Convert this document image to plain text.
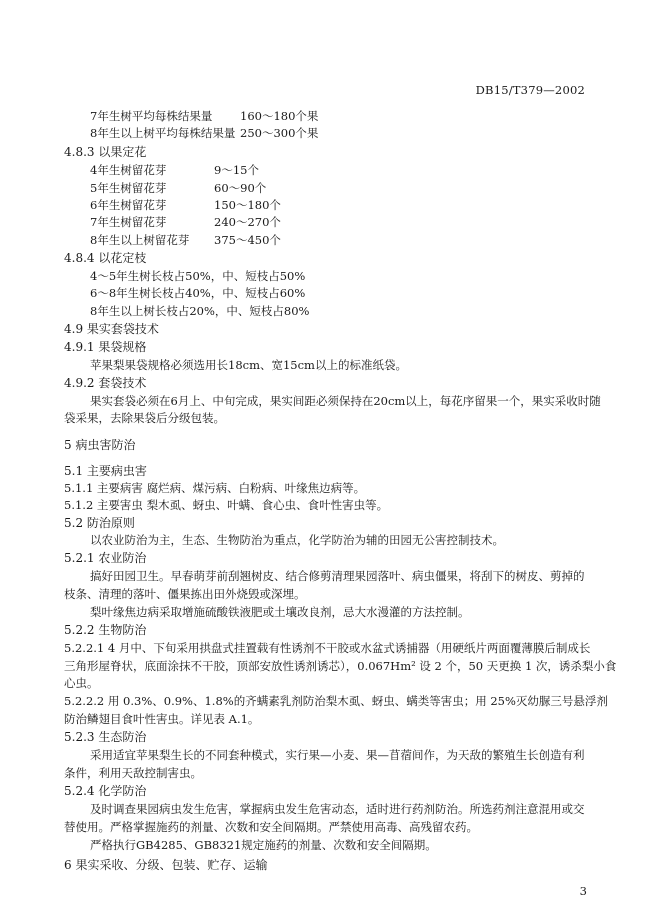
DB15/T379—2002
7年生树平均每株结果量 160～180个果
8年生以上树平均每株结果量 250～300个果
4.8.3 以果定花
4年生树留花芽	9～15个
5年生树留花芽	60～90个
6年生树留花芽	150～180个
7年生树留花芽	240～270个
8年生以上树留花芽 375～450个
4.8.4 以花定枝
4～5年生树长枝占50%，中、短枝占50%
6～8年生树长枝占40%，中、短枝占60%
8年生以上树长枝占20%，中、短枝占80%
4.9 果实套袋技术
4.9.1 果袋规格
苹果梨果袋规格必须选用长18cm、宽15cm以上的标准纸袋。
4.9.2 套袋技术
果实套袋必须在6月上、中旬完成，果实间距必须保持在20cm以上，每花序留果一个，果实采收时随
袋采果，去除果袋后分级包装。
5 病虫害防治
5.1 主要病虫害
5.1.1 主要病害 腐烂病、煤污病、白粉病、叶缘焦边病等。
5.1.2 主要害虫 梨木虱、蚜虫、叶螨、食心虫、食叶性害虫等。
5.2 防治原则
以农业防治为主，生态、生物防治为重点，化学防治为辅的田园无公害控制技术。
5.2.1 农业防治
搞好田园卫生。早春萌芽前刮翘树皮、结合修剪清理果园落叶、病虫僵果，将刮下的树皮、剪掉的
枝条、清理的落叶、僵果拣出田外烧毁或深埋。
梨叶缘焦边病采取增施硫酸铁液肥或土壤改良剂，忌大水漫灌的方法控制。
5.2.2 生物防治
5.2.2.1 4 月中、下旬采用拱盘式挂置载有性诱剂不干胶或水盆式诱捕器（用硬纸片两面覆薄膜后制成长
三角形屋脊状，底面涂抹不干胶，顶部安放性诱剂诱芯），0.067Hm² 设 2 个，50 天更换 1 次，诱杀梨小食
心虫。
5.2.2.2 用 0.3%、0.9%、1.8%的齐螨素乳剂防治梨木虱、蚜虫、螨类等害虫；用 25%灭幼脲三号悬浮剂
防治鳞翅目食叶性害虫。详见表 A.1。
5.2.3 生态防治
采用适宜苹果梨生长的不同套种模式，实行果—小麦、果—苜蓿间作，为天敌的繁殖生长创造有利
条件，利用天敌控制害虫。
5.2.4 化学防治
及时调查果园病虫发生危害，掌握病虫发生危害动态，适时进行药剂防治。所选药剂注意混用或交
替使用。严格掌握施药的剂量、次数和安全间隔期。严禁使用高毒、高残留农药。
严格执行GB4285、GB8321规定施药的剂量、次数和安全间隔期。
6 果实采收、分级、包装、贮存、运输
3
